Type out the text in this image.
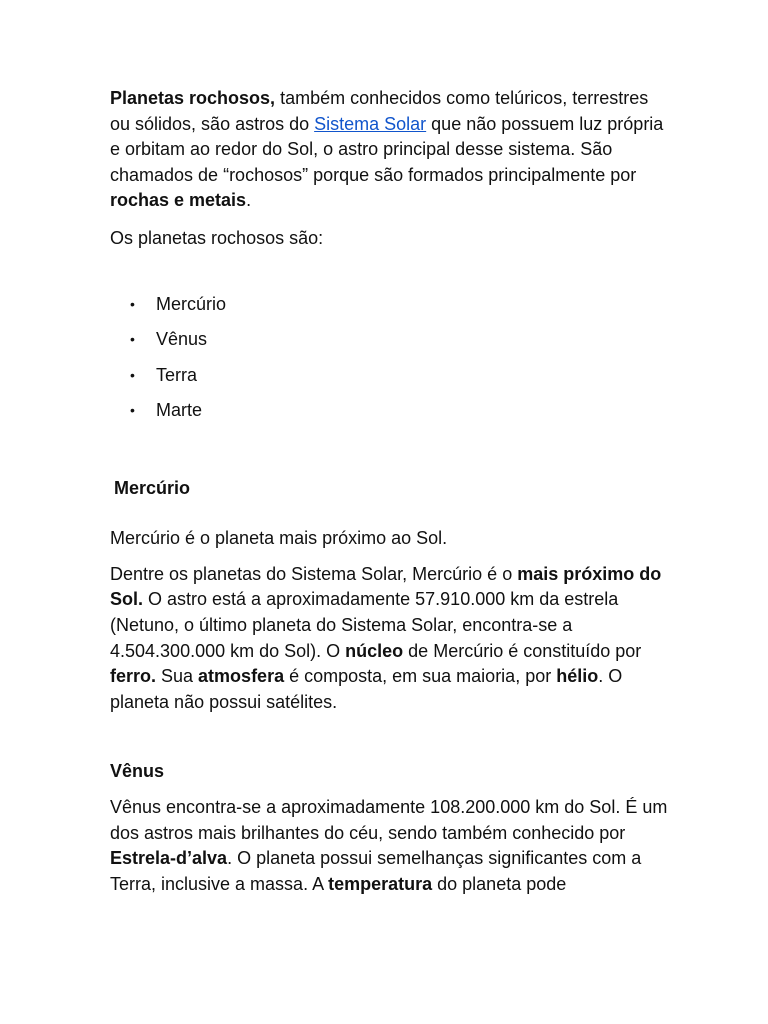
Planetas rochosos, também conhecidos como telúricos, terrestres ou sólidos, são astros do Sistema Solar que não possuem luz própria e orbitam ao redor do Sol, o astro principal desse sistema. São chamados de “rochosos” porque são formados principalmente por rochas e metais.

Os planetas rochosos são:

• Mercúrio
• Vênus
• Terra
• Marte
Mercúrio

Mercúrio é o planeta mais próximo ao Sol.

Dentre os planetas do Sistema Solar, Mercúrio é o mais próximo do Sol. O astro está a aproximadamente 57.910.000 km da estrela (Netuno, o último planeta do Sistema Solar, encontra-se a 4.504.300.000 km do Sol). O núcleo de Mercúrio é constituído por ferro. Sua atmosfera é composta, em sua maioria, por hélio. O planeta não possui satélites.

Vênus

Vênus encontra-se a aproximadamente 108.200.000 km do Sol. É um dos astros mais brilhantes do céu, sendo também conhecido por Estrela-d’alva. O planeta possui semelhanças significantes com a Terra, inclusive a massa. A temperatura do planeta pode
